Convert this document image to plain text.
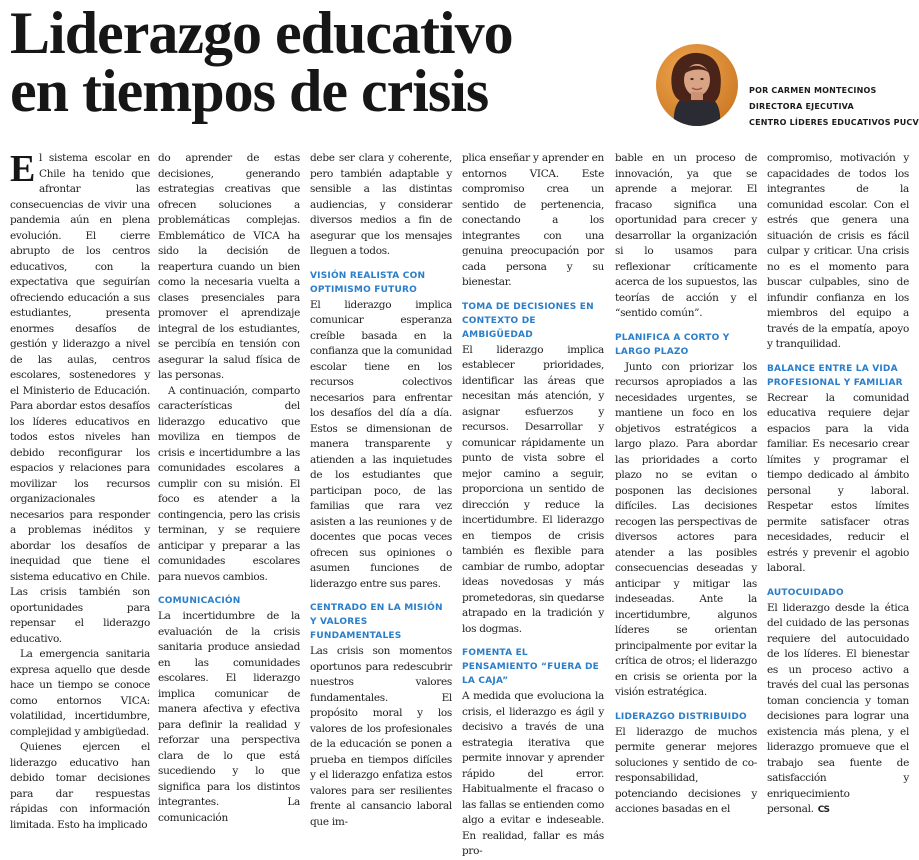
Liderazgo educativo
en tiempos de crisis	POR CARMEN MONTECINOS
DIRECTORA EJECUTIVA
CENTRO LÍDERES EDUCATIVOS PUCV

El sistema escolar en Chile ha tenido que afrontar las consecuencias de vivir una pandemia aún en plena evolución. El cierre abrupto de los centros educativos, con la expectativa que seguirían ofreciendo educación a sus estudiantes, presenta enormes desafíos de gestión y liderazgo a nivel de las aulas, centros escolares, sostenedores y el Ministerio de Educación. Para abordar estos desafíos los líderes educativos en todos estos niveles han debido reconfigurar los espacios y relaciones para movilizar los recursos organizacionales necesarios para responder a problemas inéditos y abordar los desafíos de inequidad que tiene el sistema educativo en Chile. Las crisis también son oportunidades para repensar el liderazgo educativo.

La emergencia sanitaria expresa aquello que desde hace un tiempo se conoce como entornos VICA: volatilidad, incertidumbre, complejidad y ambigüedad.

Quienes ejercen el liderazgo educativo han debido tomar decisiones para dar respuestas rápidas con información limitada. Esto ha implicado

do aprender de estas decisiones, generando estrategias creativas que ofrecen soluciones a problemáticas complejas. Emblemático de VICA ha sido la decisión de reapertura cuando un bien como la necesaria vuelta a clases presenciales para promover el aprendizaje integral de los estudiantes, se percibía en tensión con asegurar la salud física de las personas.

A continuación, comparto características del liderazgo educativo que moviliza en tiempos de crisis e incertidumbre a las comunidades escolares a cumplir con su misión. El foco es atender a la contingencia, pero las crisis terminan, y se requiere anticipar y preparar a las comunidades escolares para nuevos cambios.

COMUNICACIÓN

La incertidumbre de la evaluación de la crisis sanitaria produce ansiedad en las comunidades escolares. El liderazgo implica comunicar de manera afectiva y efectiva para definir la realidad y reforzar una perspectiva clara de lo que está sucediendo y lo que significa para los distintos integrantes. La comunicación

debe ser clara y coherente, pero también adaptable y sensible a las distintas audiencias, y considerar diversos medios a fin de asegurar que los mensajes lleguen a todos.

VISIÓN REALISTA CON OPTIMISMO FUTURO

El liderazgo implica comunicar esperanza creíble basada en la confianza que la comunidad escolar tiene en los recursos colectivos necesarios para enfrentar los desafíos del día a día. Estos se dimensionan de manera transparente y atienden a las inquietudes de los estudiantes que participan poco, de las familias que rara vez asisten a las reuniones y de docentes que pocas veces ofrecen sus opiniones o asumen funciones de liderazgo entre sus pares.

CENTRADO EN LA MISIÓN Y VALORES FUNDAMENTALES

Las crisis son momentos oportunos para redescubrir nuestros valores fundamentales. El propósito moral y los valores de los profesionales de la educación se ponen a prueba en tiempos difíciles y el liderazgo enfatiza estos valores para ser resilientes frente al cansancio laboral que im-

plica enseñar y aprender en entornos VICA. Este compromiso crea un sentido de pertenencia, conectando a los integrantes con una genuina preocupación por cada persona y su bienestar.

TOMA DE DECISIONES EN CONTEXTO DE AMBIGÜEDAD

El liderazgo implica establecer prioridades, identificar las áreas que necesitan más atención, y asignar esfuerzos y recursos. Desarrollar y comunicar rápidamente un punto de vista sobre el mejor camino a seguir, proporciona un sentido de dirección y reduce la incertidumbre. El liderazgo en tiempos de crisis también es flexible para cambiar de rumbo, adoptar ideas novedosas y más prometedoras, sin quedarse atrapado en la tradición y los dogmas.

FOMENTA EL PENSAMIENTO “FUERA DE LA CAJA”

A medida que evoluciona la crisis, el liderazgo es ágil y decisivo a través de una estrategia iterativa que permite innovar y aprender rápido del error. Habitualmente el fracaso o las fallas se entienden como algo a evitar e indeseable. En realidad, fallar es más pro-

bable en un proceso de innovación, ya que se aprende a mejorar. El fracaso significa una oportunidad para crecer y desarrollar la organización si lo usamos para reflexionar críticamente acerca de los supuestos, las teorías de acción y el “sentido común”.

PLANIFICA A CORTO Y LARGO PLAZO

Junto con priorizar los recursos apropiados a las necesidades urgentes, se mantiene un foco en los objetivos estratégicos a largo plazo. Para abordar las prioridades a corto plazo no se evitan o posponen las decisiones difíciles. Las decisiones recogen las perspectivas de diversos actores para atender a las posibles consecuencias deseadas y anticipar y mitigar las indeseadas. Ante la incertidumbre, algunos líderes se orientan principalmente por evitar la crítica de otros; el liderazgo en crisis se orienta por la visión estratégica.

LIDERAZGO DISTRIBUIDO

El liderazgo de muchos permite generar mejores soluciones y sentido de co-responsabilidad, potenciando decisiones y acciones basadas en el

compromiso, motivación y capacidades de todos los integrantes de la comunidad escolar. Con el estrés que genera una situación de crisis es fácil culpar y criticar. Una crisis no es el momento para buscar culpables, sino de infundir confianza en los miembros del equipo a través de la empatía, apoyo y tranquilidad.

BALANCE ENTRE LA VIDA PROFESIONAL Y FAMILIAR

Recrear la comunidad educativa requiere dejar espacios para la vida familiar. Es necesario crear límites y programar el tiempo dedicado al ámbito personal y laboral. Respetar estos límites permite satisfacer otras necesidades, reducir el estrés y prevenir el agobio laboral.

AUTOCUIDADO

El liderazgo desde la ética del cuidado de las personas requiere del autocuidado de los líderes. El bienestar es un proceso activo a través del cual las personas toman conciencia y toman decisiones para lograr una existencia más plena, y el liderazgo promueve que el trabajo sea fuente de satisfacción y enriquecimiento personal. CS
